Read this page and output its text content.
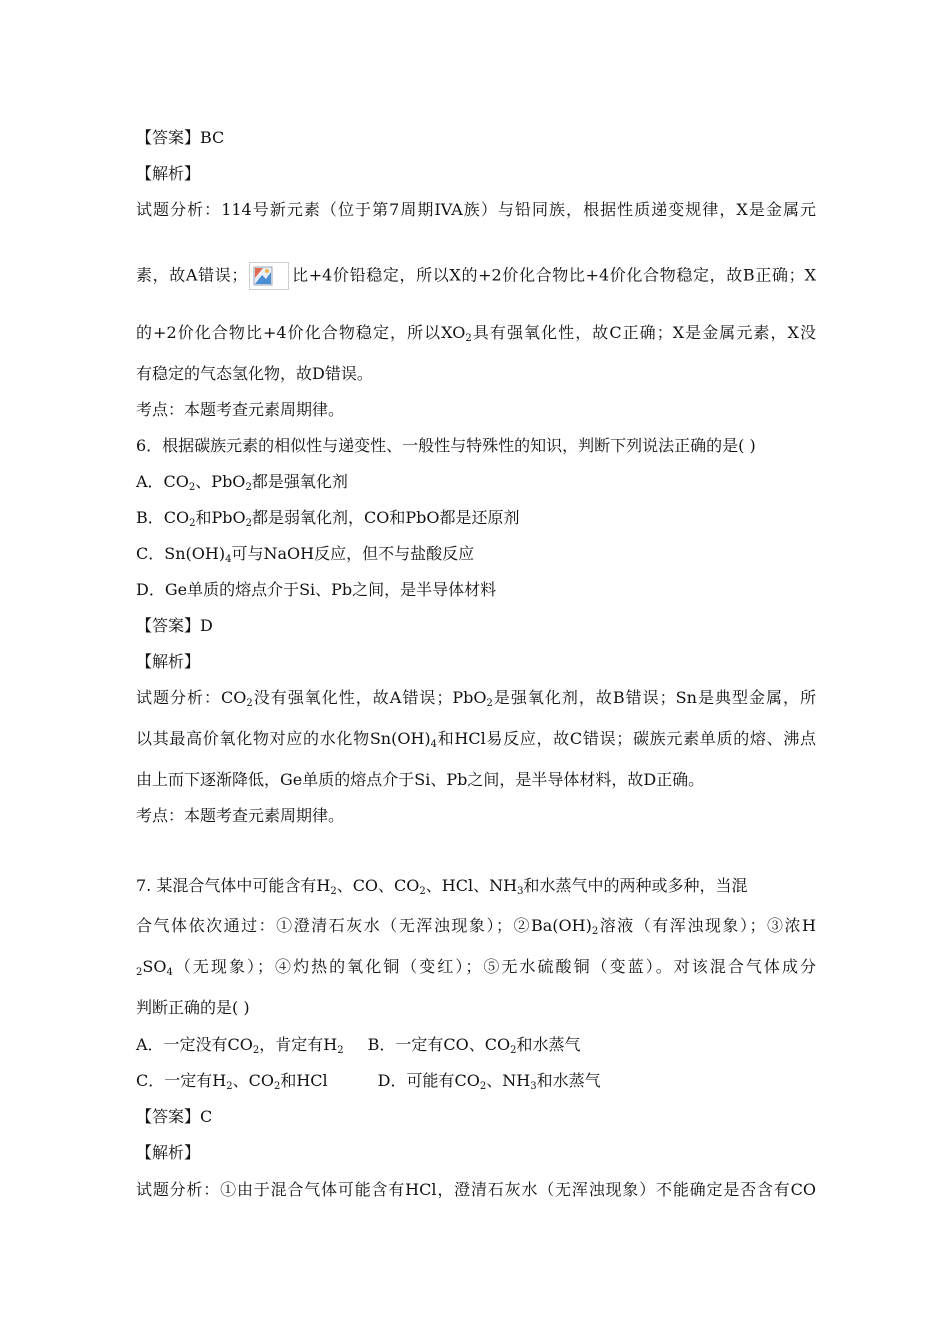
【答案】BC
【解析】
试题分析：114号新元素（位于第7周期IVA族）与铅同族，根据性质递变规律，X是金属元
素，故A错误；	比+4价铅稳定，所以X的+2价化合物比+4价化合物稳定，故B正确；X
的+2价化合物比+4价化合物稳定，所以$XO_2$具有强氧化性，故C正确；X是金属元素，X没
有稳定的气态氢化物，故D错误。
考点：本题考查元素周期律。
6．根据碳族元素的相似性与递变性、一般性与特殊性的知识，判断下列说法正确的是( )
A．$CO_2$、PbO$_2$都是强氧化剂
B．$CO_2$和PbO$_2$都是弱氧化剂，CO和PbO都是还原剂
C．$Sn(OH)_4$可与NaOH反应，但不与盐酸反应
D．Ge单质的熔点介于Si、Pb之间，是半导体材料
【答案】D
【解析】
试题分析：$CO_2$没有强氧化性，故A错误；PbO$_2$是强氧化剂，故B错误；Sn是典型金属，所
以其最高价氧化物对应的水化物$Sn(OH)_4$和HCl易反应，故C错误；碳族元素单质的熔、沸点
由上而下逐渐降低，Ge单质的熔点介于Si、Pb之间，是半导体材料，故D正确。
考点：本题考查元素周期律。
7. 某混合气体中可能含有$H_2$、CO、$CO_2$、HCl、$NH_3$和水蒸气中的两种或多种，当混
合气体依次通过：①澄清石灰水（无浑浊现象）；$②Ba(OH)_2$溶液（有浑浊现象）；③浓H
$_2SO_4$（无现象）；④灼热的氧化铜（变红）；⑤无水硫酸铜（变蓝）。对该混合气体成分
判断正确的是( )
A．一定没有$CO_2$，肯定有$H_2$ B．一定有CO、$CO_2$和水蒸气
C．一定有$H_2$、$CO_2$和HCl	D．可能有$CO_2$、$NH_3$和水蒸气
【答案】C
【解析】
试题分析：①由于混合气体可能含有HCl，澄清石灰水（无浑浊现象）不能确定是否含有CO
